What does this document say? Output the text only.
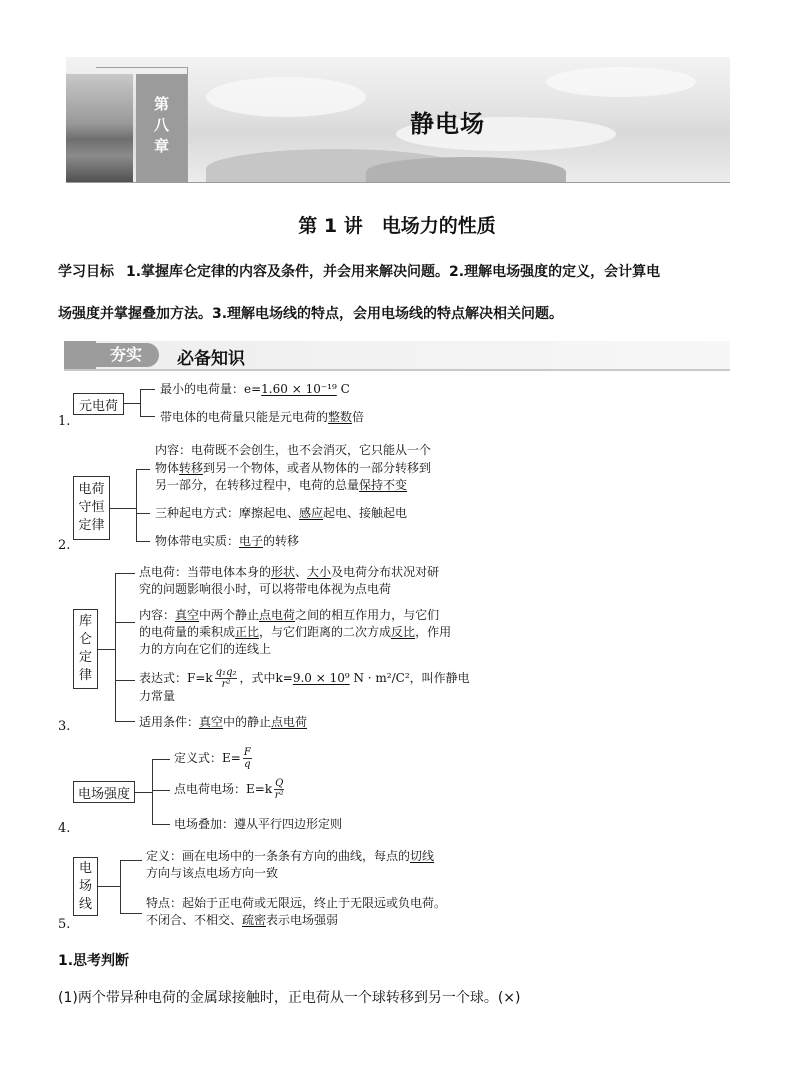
第
八
章
静电场
第 1 讲　电场力的性质
学习目标 1.掌握库仑定律的内容及条件，并会用来解决问题。2.理解电场强度的定义，会计算电
场强度并掌握叠加方法。3.理解电场线的特点，会用电场线的特点解决相关问题。
夯实	必备知识
1.
元电荷
最小的电荷量：e=1.60 × 10⁻¹⁹ C
带电体的电荷量只能是元电荷的整数倍
2.
电荷
守恒
定律
内容：电荷既不会创生，也不会消灭，它只能从一个
物体转移到另一个物体，或者从物体的一部分转移到
另一部分，在转移过程中，电荷的总量保持不变
三种起电方式：摩擦起电、感应起电、接触起电
物体带电实质：电子的转移
3.
库
仑
定
律
点电荷：当带电体本身的形状、大小及电荷分布状况对研
究的问题影响很小时，可以将带电体视为点电荷
内容：真空中两个静止点电荷之间的相互作用力，与它们
的电荷量的乘积成正比，与它们距离的二次方成反比，作用
力的方向在它们的连线上
表达式：$F=k \frac{\text{q₁q₂}}{\text{r²}}$ ，式中k=9.0 × 10⁹ N · m²/C²，叫作静电
力常量
适用条件：真空中的静止点电荷
4.
电场强度
定义式：$E= \frac{F}{q}$
点电荷电场：$E=k \frac{Q}{\text{r²}}$
电场叠加：遵从平行四边形定则
5.
电
场
线
定义：画在电场中的一条条有方向的曲线，每点的切线
方向与该点电场方向一致
特点：起始于正电荷或无限远，终止于无限远或负电荷。
不闭合、不相交、疏密表示电场强弱
1.思考判断
(1)两个带异种电荷的金属球接触时，正电荷从一个球转移到另一个球。(×)
